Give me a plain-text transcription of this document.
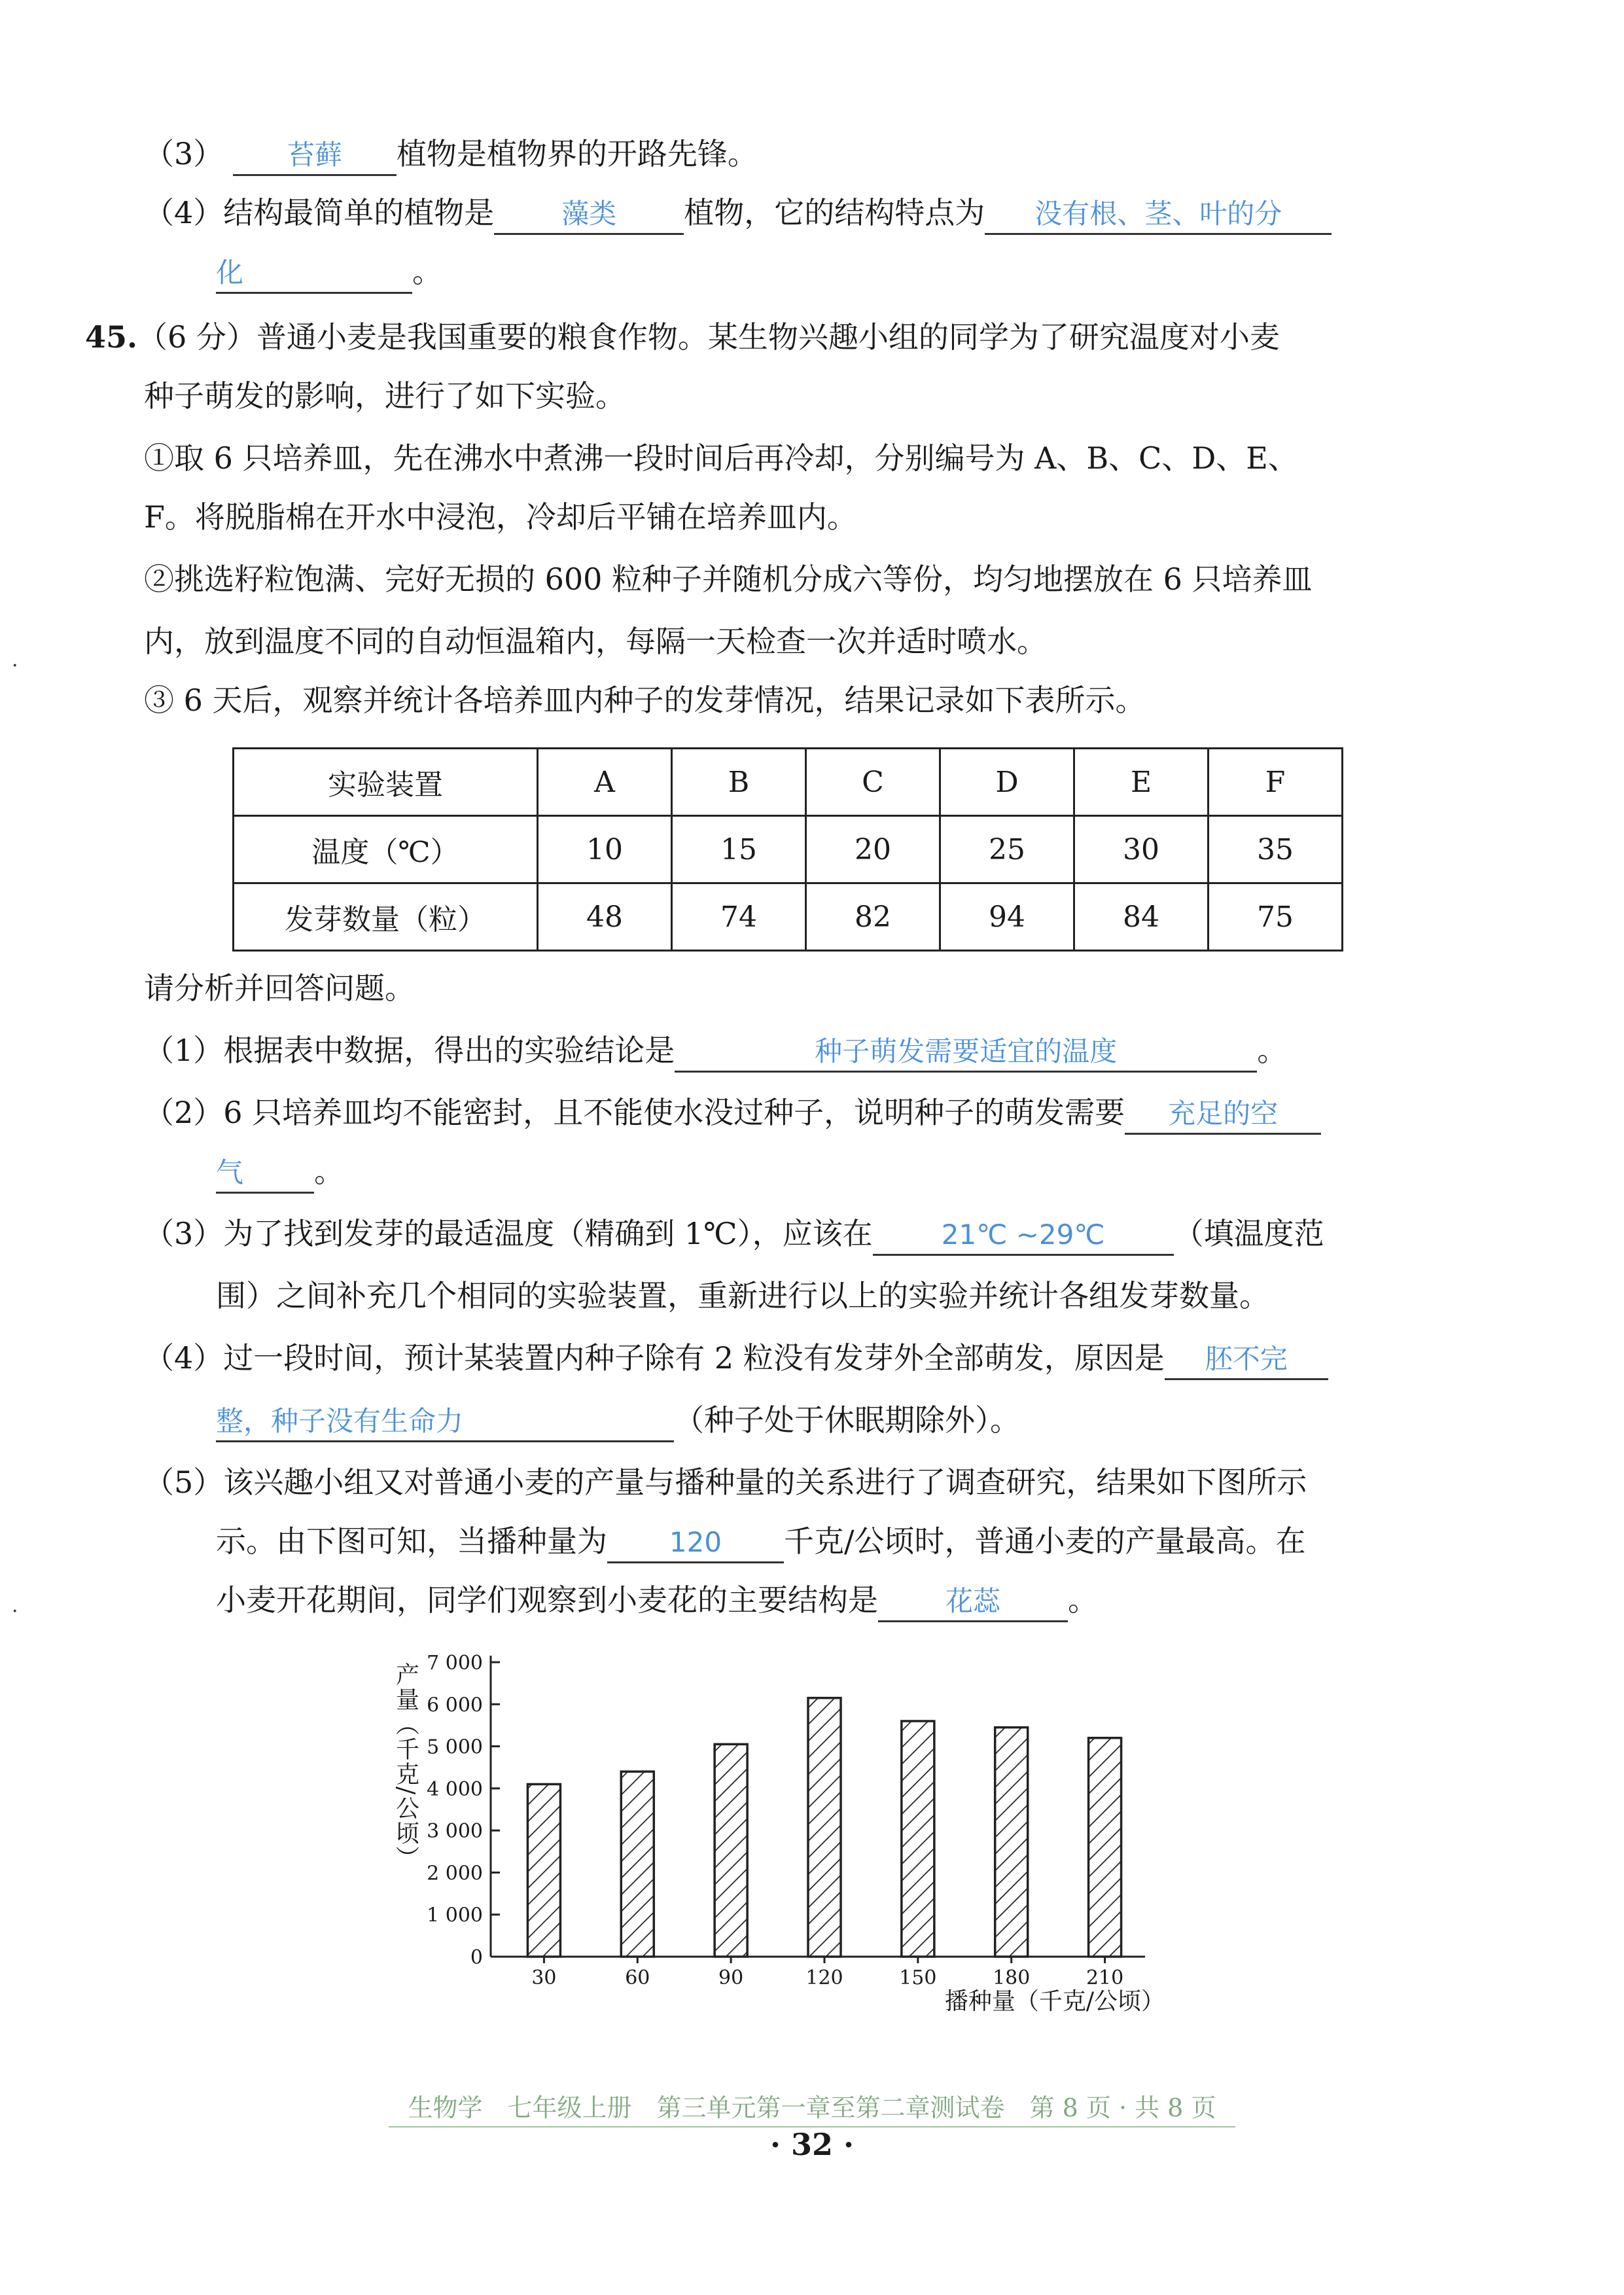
（3） 苔藓 植物是植物界的开路先锋。
（4）结构最简单的植物是 藻类 植物，它的结构特点为 没有根、茎、叶的分
化	。
45.（6 分）普通小麦是我国重要的粮食作物。某生物兴趣小组的同学为了研究温度对小麦
种子萌发的影响，进行了如下实验。
①取 6 只培养皿，先在沸水中煮沸一段时间后再冷却，分别编号为 A、B、C、D、E、
F。将脱脂棉在开水中浸泡，冷却后平铺在培养皿内。
②挑选籽粒饱满、完好无损的 600 粒种子并随机分成六等份，均匀地摆放在 6 只培养皿
内，放到温度不同的自动恒温箱内，每隔一天检查一次并适时喷水。
③ 6 天后，观察并统计各培养皿内种子的发芽情况，结果记录如下表所示。
实验装置	A	B	C	D	E	F
温度（℃）	10	15	20	25	30	35
发芽数量（粒）	48	74	82	94	84	75
请分析并回答问题。
（1）根据表中数据，得出的实验结论是	种子萌发需要适宜的温度	。
（2）6 只培养皿均不能密封，且不能使水没过种子，说明种子的萌发需要 充足的空
气 。
（3）为了找到发芽的最适温度（精确到 1℃），应该在	21℃ ~29℃ （填温度范
围）之间补充几个相同的实验装置，重新进行以上的实验并统计各组发芽数量。
（4）过一段时间，预计某装置内种子除有 2 粒没有发芽外全部萌发，原因是 胚不完
整，种子没有生命力	（种子处于休眠期除外）。
（5）该兴趣小组又对普通小麦的产量与播种量的关系进行了调查研究，结果如下图所示
示。由下图可知，当播种量为 120 千克/公顷时，普通小麦的产量最高。在
小麦开花期间，同学们观察到小麦花的主要结构是 花蕊 。
产量（千克/公顷）
0
1 000
2 000
3 000
4 000
5 000
6 000
7 000
30	60	90	120	150	180	210
播种量（千克/公顷）
·
·
生物学　七年级上册　第三单元第一章至第二章测试卷　第 8 页 · 共 8 页
· 32 ·
